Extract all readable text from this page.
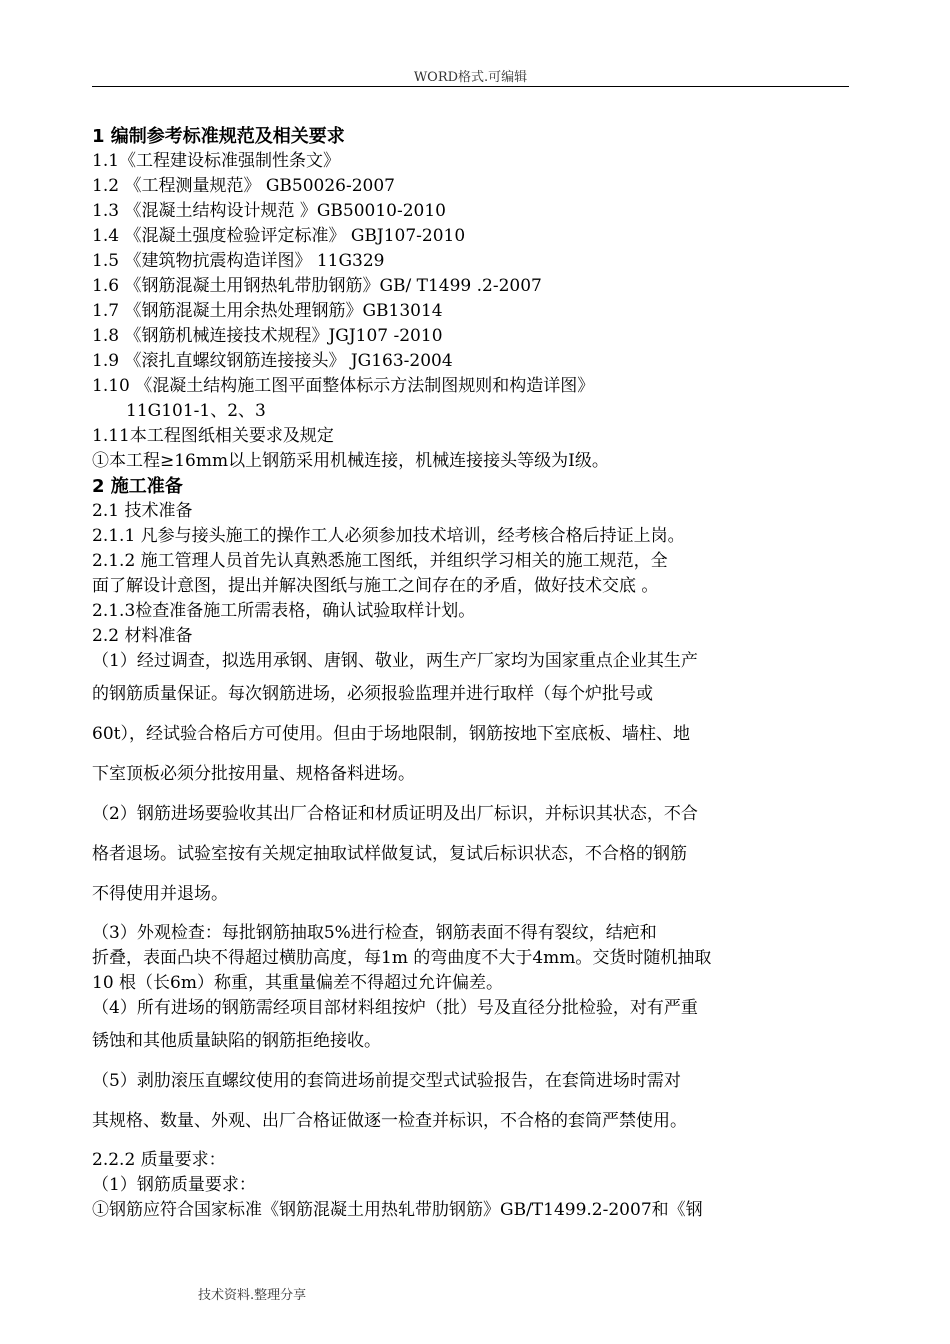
WORD格式.可编辑
1 编制参考标准规范及相关要求
1.1《工程建设标准强制性条文》
1.2 《工程测量规范》 GB50026-2007
1.3 《混凝土结构设计规范 》GB50010-2010
1.4 《混凝土强度检验评定标准》 GBJ107-2010
1.5 《建筑物抗震构造详图》 11G329
1.6 《钢筋混凝土用钢热轧带肋钢筋》GB/ T1499 .2-2007
1.7 《钢筋混凝土用余热处理钢筋》GB13014
1.8 《钢筋机械连接技术规程》JGJ107 -2010
1.9 《滚扎直螺纹钢筋连接接头》 JG163-2004
1.10 《混凝土结构施工图平面整体标示方法制图规则和构造详图》
11G101-1、2、3
1.11本工程图纸相关要求及规定
①本工程≥16mm以上钢筋采用机械连接，机械连接接头等级为Ⅰ级。
2 施工准备
2.1 技术准备
2.1.1 凡参与接头施工的操作工人必须参加技术培训，经考核合格后持证上岗。
2.1.2 施工管理人员首先认真熟悉施工图纸，并组织学习相关的施工规范，全
面了解设计意图，提出并解决图纸与施工之间存在的矛盾，做好技术交底 。
2.1.3检查准备施工所需表格，确认试验取样计划。
2.2 材料准备
（1）经过调查，拟选用承钢、唐钢、敬业，两生产厂家均为国家重点企业其生产
的钢筋质量保证。每次钢筋进场，必须报验监理并进行取样（每个炉批号或
60t），经试验合格后方可使用。但由于场地限制，钢筋按地下室底板、墙柱、地
下室顶板必须分批按用量、规格备料进场。
（2）钢筋进场要验收其出厂合格证和材质证明及出厂标识，并标识其状态，不合
格者退场。试验室按有关规定抽取试样做复试，复试后标识状态，不合格的钢筋
不得使用并退场。
（3）外观检查：每批钢筋抽取5%进行检查，钢筋表面不得有裂纹，结疤和
折叠，表面凸块不得超过横肋高度，每1m 的弯曲度不大于4mm。交货时随机抽取
10 根（长6m）称重，其重量偏差不得超过允许偏差。
（4）所有进场的钢筋需经项目部材料组按炉（批）号及直径分批检验，对有严重
锈蚀和其他质量缺陷的钢筋拒绝接收。
（5）剥肋滚压直螺纹使用的套筒进场前提交型式试验报告，在套筒进场时需对
其规格、数量、外观、出厂合格证做逐一检查并标识，不合格的套筒严禁使用。
2.2.2 质量要求：
（1）钢筋质量要求：
①钢筋应符合国家标准《钢筋混凝土用热轧带肋钢筋》GB/T1499.2-2007和《钢
技术资料.整理分享
